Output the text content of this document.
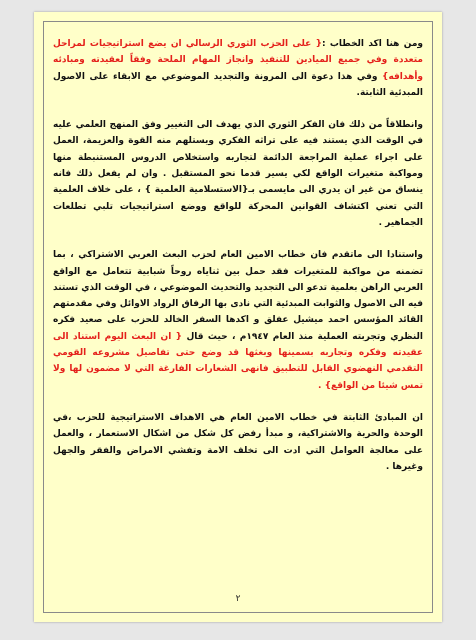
ومن هنا اكد الخطاب :{ على الحزب الثوري الرسالي ان يضع استراتيجيات لمراحل متعددة وفي جميع الميادين للتنفيذ وانجاز المهام الملحة وفقاً لعقيدته ومبادئه وأهدافه} وفي هذا دعوة الى المرونة والتجديد الموضوعي مع الابقاء على الاصول المبدئية الثابتة.

وانطلاقاً من ذلك فان الفكر الثوري الذي يهدف الى التغيير وفق المنهج العلمي عليه في الوقت الذي يستند فيه على تراثه الفكري ويستلهم منه القوة والعزيمة، العمل على اجراء عملية المراجعة الدائمة لتجاربه واستخلاص الدروس المستنبطة منها ومواكبة متغيرات الواقع لكي يسير قدما نحو المستقبل . وان لم يفعل ذلك فانه ينساق من غير ان يدري الى مايسمى بـ{الاستسلامية العلمية } ، على خلاف العلمية التي تعني اكتشاف القوانين المحركة للواقع ووضع استراتيجيات تلبي تطلعات الجماهير .

واستنادا الى ماتقدم فان خطاب الامين العام لحزب البعث العربي الاشتراكي ، بما تضمنه من مواكبة للمتغيرات فقد حمل بين ثناياه روحاً شبابية تتعامل مع الواقع العربي الراهن بعلمية تدعو الى التجديد والتحديث الموضوعي ، في الوقت الذي تستند فيه الى الاصول والثوابت المبدئية التي نادى بها الرفاق الرواد الاوائل وفي مقدمتهم القائد المؤسس احمد ميشيل عفلق و اكدها السفر الخالد للحزب على صعيد فكره النظري وتجربته العملية منذ العام ١٩٤٧م ، حيث قال { ان البعث اليوم استناد الى عقيدته وفكره وتجاربه بسمينها وبغثها قد وضع حتى تفاصيل مشروعه القومي التقدمي النهضوي القابل للتطبيق فانهى الشعارات الفارغة التي لا مضمون لها ولا تمس شيئا من الواقع} .

ان المبادئ الثابتة في خطاب الامين العام هي الاهداف الاستراتيجية للحزب ،في الوحدة والحرية والاشتراكية، و مبدأ رفض كل شكل من اشكال الاستعمار ، والعمل على معالجة العوامل التي ادت الى تخلف الامة وتفشي الامراض والفقر والجهل وغيرها .

٢
